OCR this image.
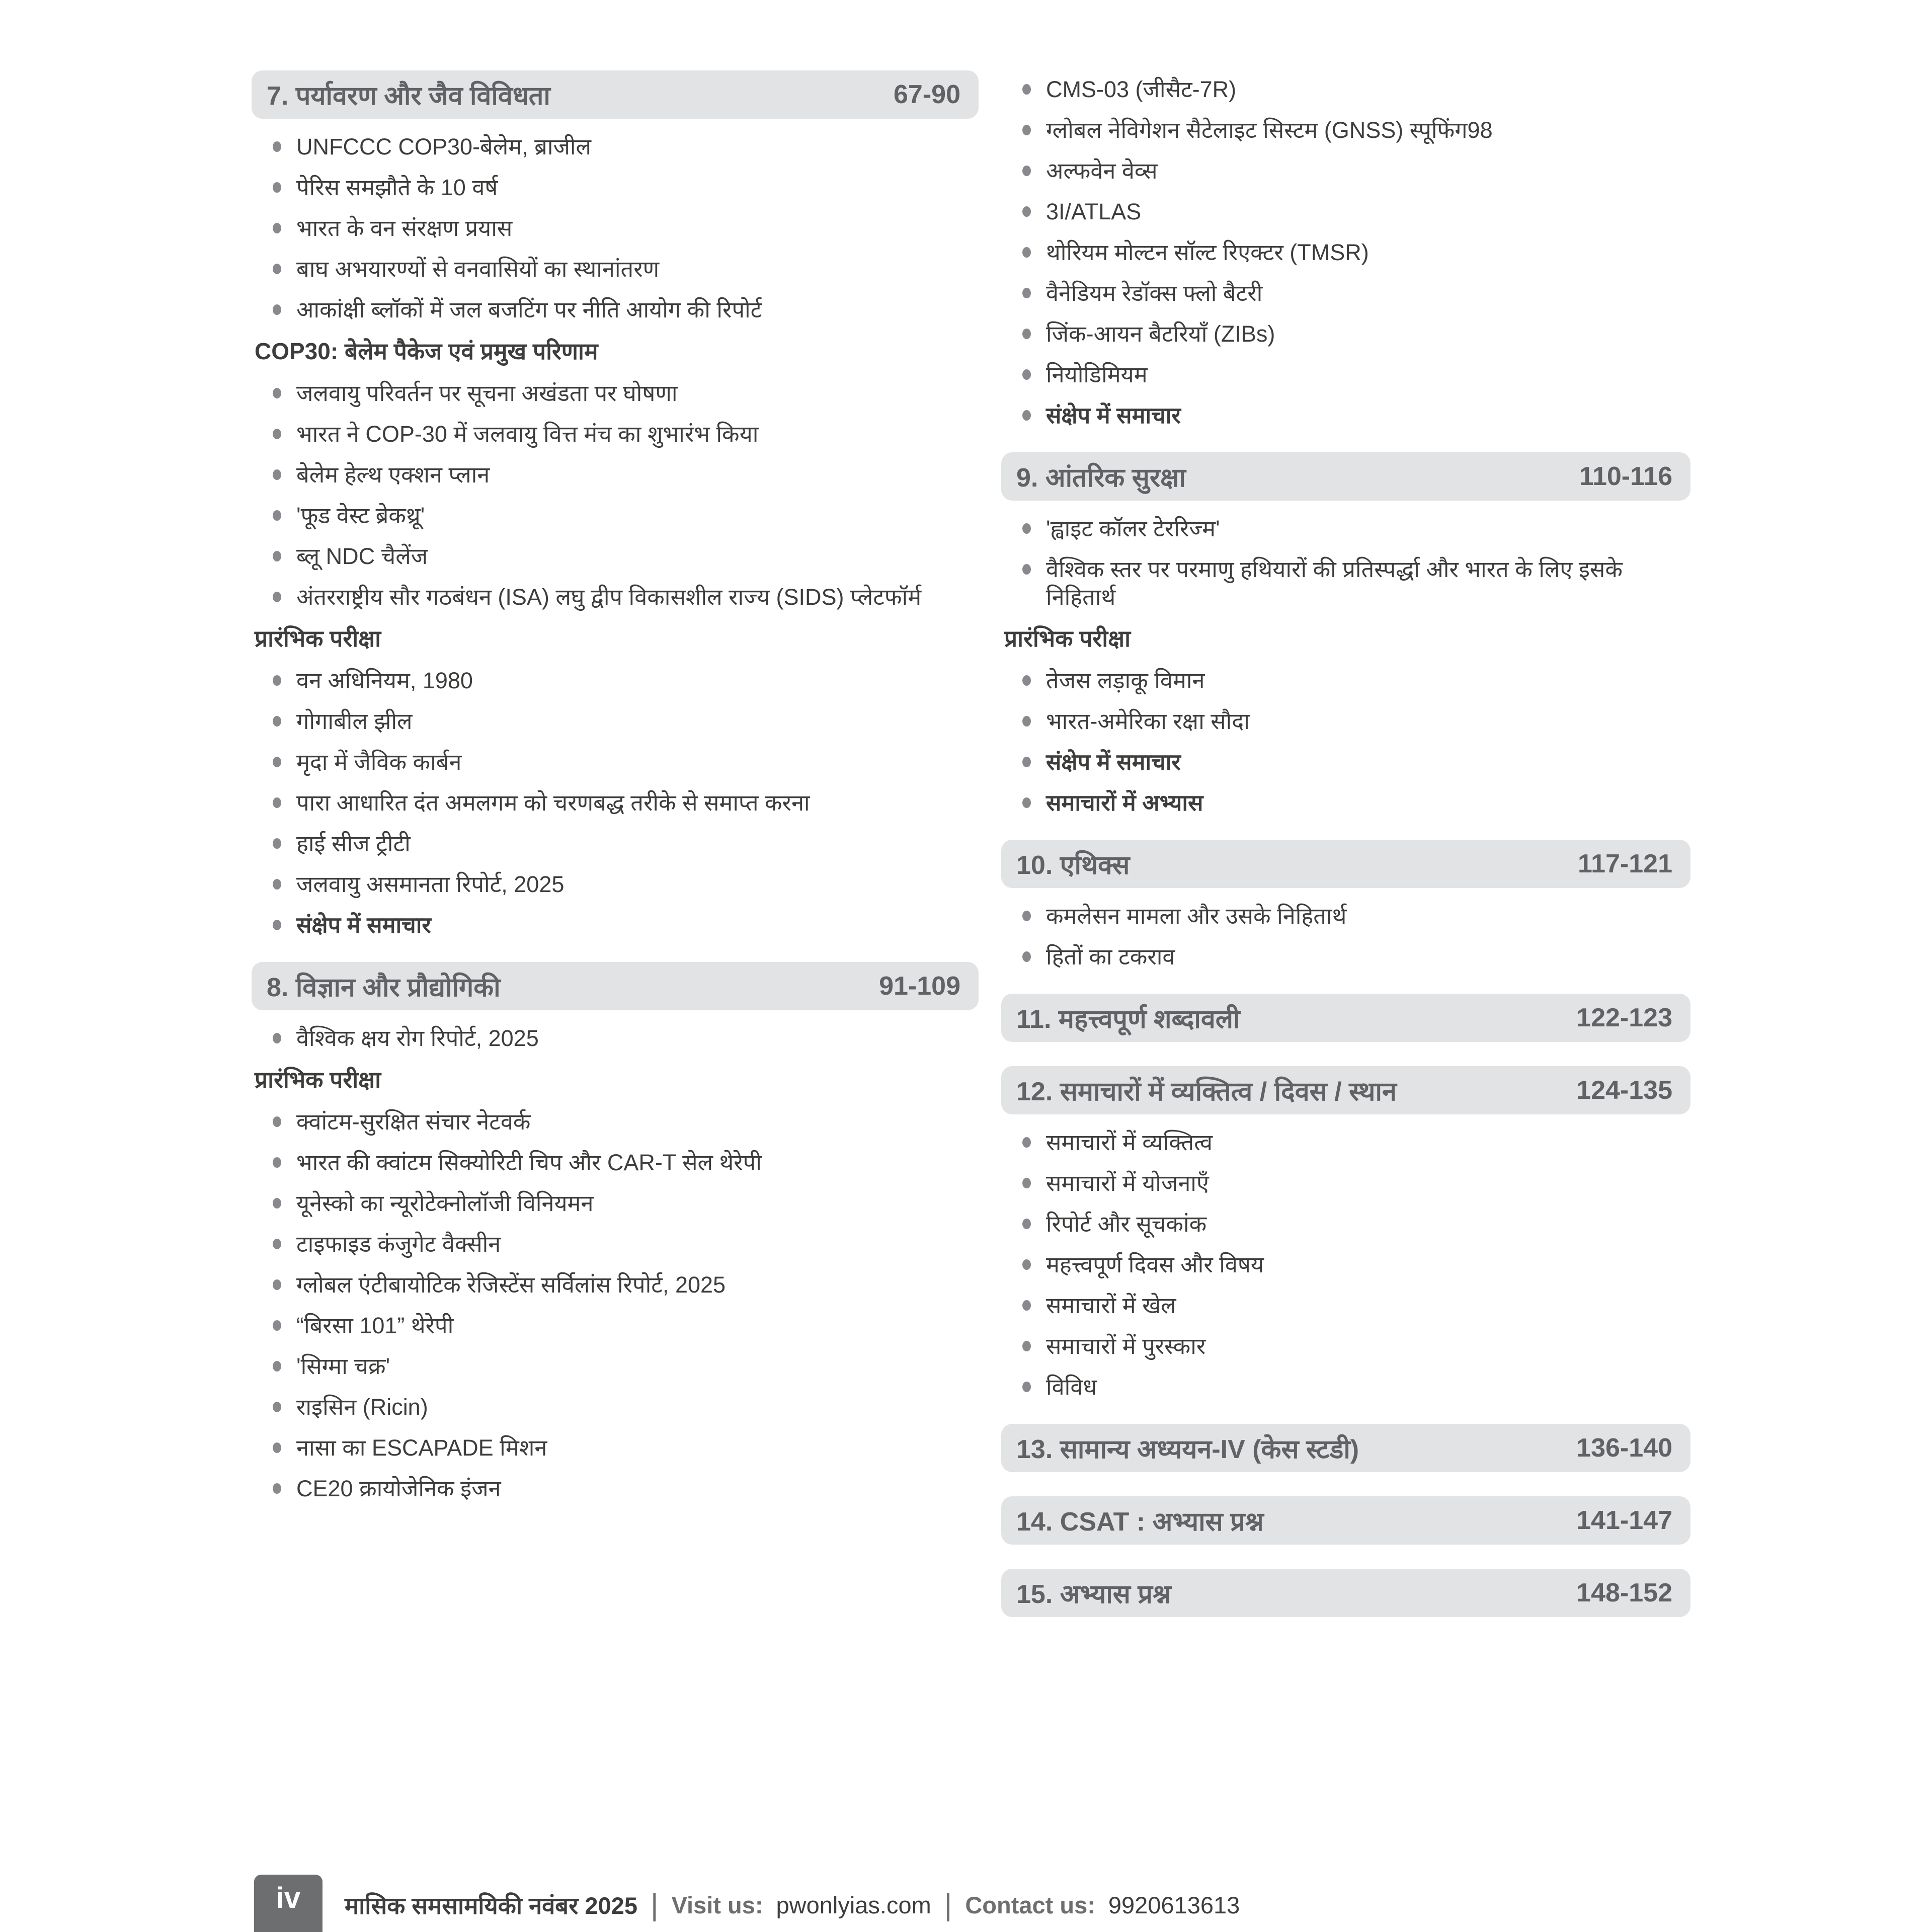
7. पर्यावरण और जैव विविधता	67-90
UNFCCC COP30-बेलेम, ब्राजील
पेरिस समझौते के 10 वर्ष
भारत के वन संरक्षण प्रयास
बाघ अभयारण्यों से वनवासियों का स्थानांतरण
आकांक्षी ब्लॉकों में जल बजटिंग पर नीति आयोग की रिपोर्ट
COP30: बेलेम पैकेज एवं प्रमुख परिणाम
जलवायु परिवर्तन पर सूचना अखंडता पर घोषणा
भारत ने COP-30 में जलवायु वित्त मंच का शुभारंभ किया
बेलेम हेल्थ एक्शन प्लान
'फूड वेस्ट ब्रेकथ्रू'
ब्लू NDC चैलेंज
अंतरराष्ट्रीय सौर गठबंधन (ISA) लघु द्वीप विकासशील राज्य (SIDS) प्लेटफॉर्म
प्रारंभिक परीक्षा
वन अधिनियम, 1980
गोगाबील झील
मृदा में जैविक कार्बन
पारा आधारित दंत अमलगम को चरणबद्ध तरीके से समाप्त करना
हाई सीज ट्रीटी
जलवायु असमानता रिपोर्ट, 2025
संक्षेप में समाचार
8. विज्ञान और प्रौद्योगिकी	91-109
वैश्विक क्षय रोग रिपोर्ट, 2025
प्रारंभिक परीक्षा
क्वांटम-सुरक्षित संचार नेटवर्क
भारत की क्वांटम सिक्योरिटी चिप और CAR-T सेल थेरेपी
यूनेस्को का न्यूरोटेक्नोलॉजी विनियमन
टाइफाइड कंजुगेट वैक्सीन
ग्लोबल एंटीबायोटिक रेजिस्टेंस सर्विलांस रिपोर्ट, 2025
“बिरसा 101” थेरेपी
'सिग्मा चक्र'
राइसिन (Ricin)
नासा का ESCAPADE मिशन
CE20 क्रायोजेनिक इंजन
CMS-03 (जीसैट-7R)
ग्लोबल नेविगेशन सैटेलाइट सिस्टम (GNSS) स्पूफिंग98
अल्फवेन वेव्स
3I/ATLAS
थोरियम मोल्टन सॉल्ट रिएक्टर (TMSR)
वैनेडियम रेडॉक्स फ्लो बैटरी
जिंक-आयन बैटरियाँ (ZIBs)
नियोडिमियम
संक्षेप में समाचार
9. आंतरिक सुरक्षा	110-116
'ह्वाइट कॉलर टेररिज्म'
वैश्विक स्तर पर परमाणु हथियारों की प्रतिस्पर्द्धा और भारत के लिए इसके निहितार्थ
प्रारंभिक परीक्षा
तेजस लड़ाकू विमान
भारत-अमेरिका रक्षा सौदा
संक्षेप में समाचार
समाचारों में अभ्यास
10. एथिक्स	117-121
कमलेसन मामला और उसके निहितार्थ
हितों का टकराव
11. महत्त्वपूर्ण शब्दावली	122-123
12. समाचारों में व्यक्तित्व / दिवस / स्थान	124-135
समाचारों में व्यक्तित्व
समाचारों में योजनाएँ
रिपोर्ट और सूचकांक
महत्त्वपूर्ण दिवस और विषय
समाचारों में खेल
समाचारों में पुरस्कार
विविध
13. सामान्य अध्ययन-IV (केस स्टडी)	136-140
14. CSAT : अभ्यास प्रश्न	141-147
15. अभ्यास प्रश्न	148-152
iv मासिक समसामयिकी नवंबर 2025 | Visit us: pwonlyias.com | Contact us: 9920613613
